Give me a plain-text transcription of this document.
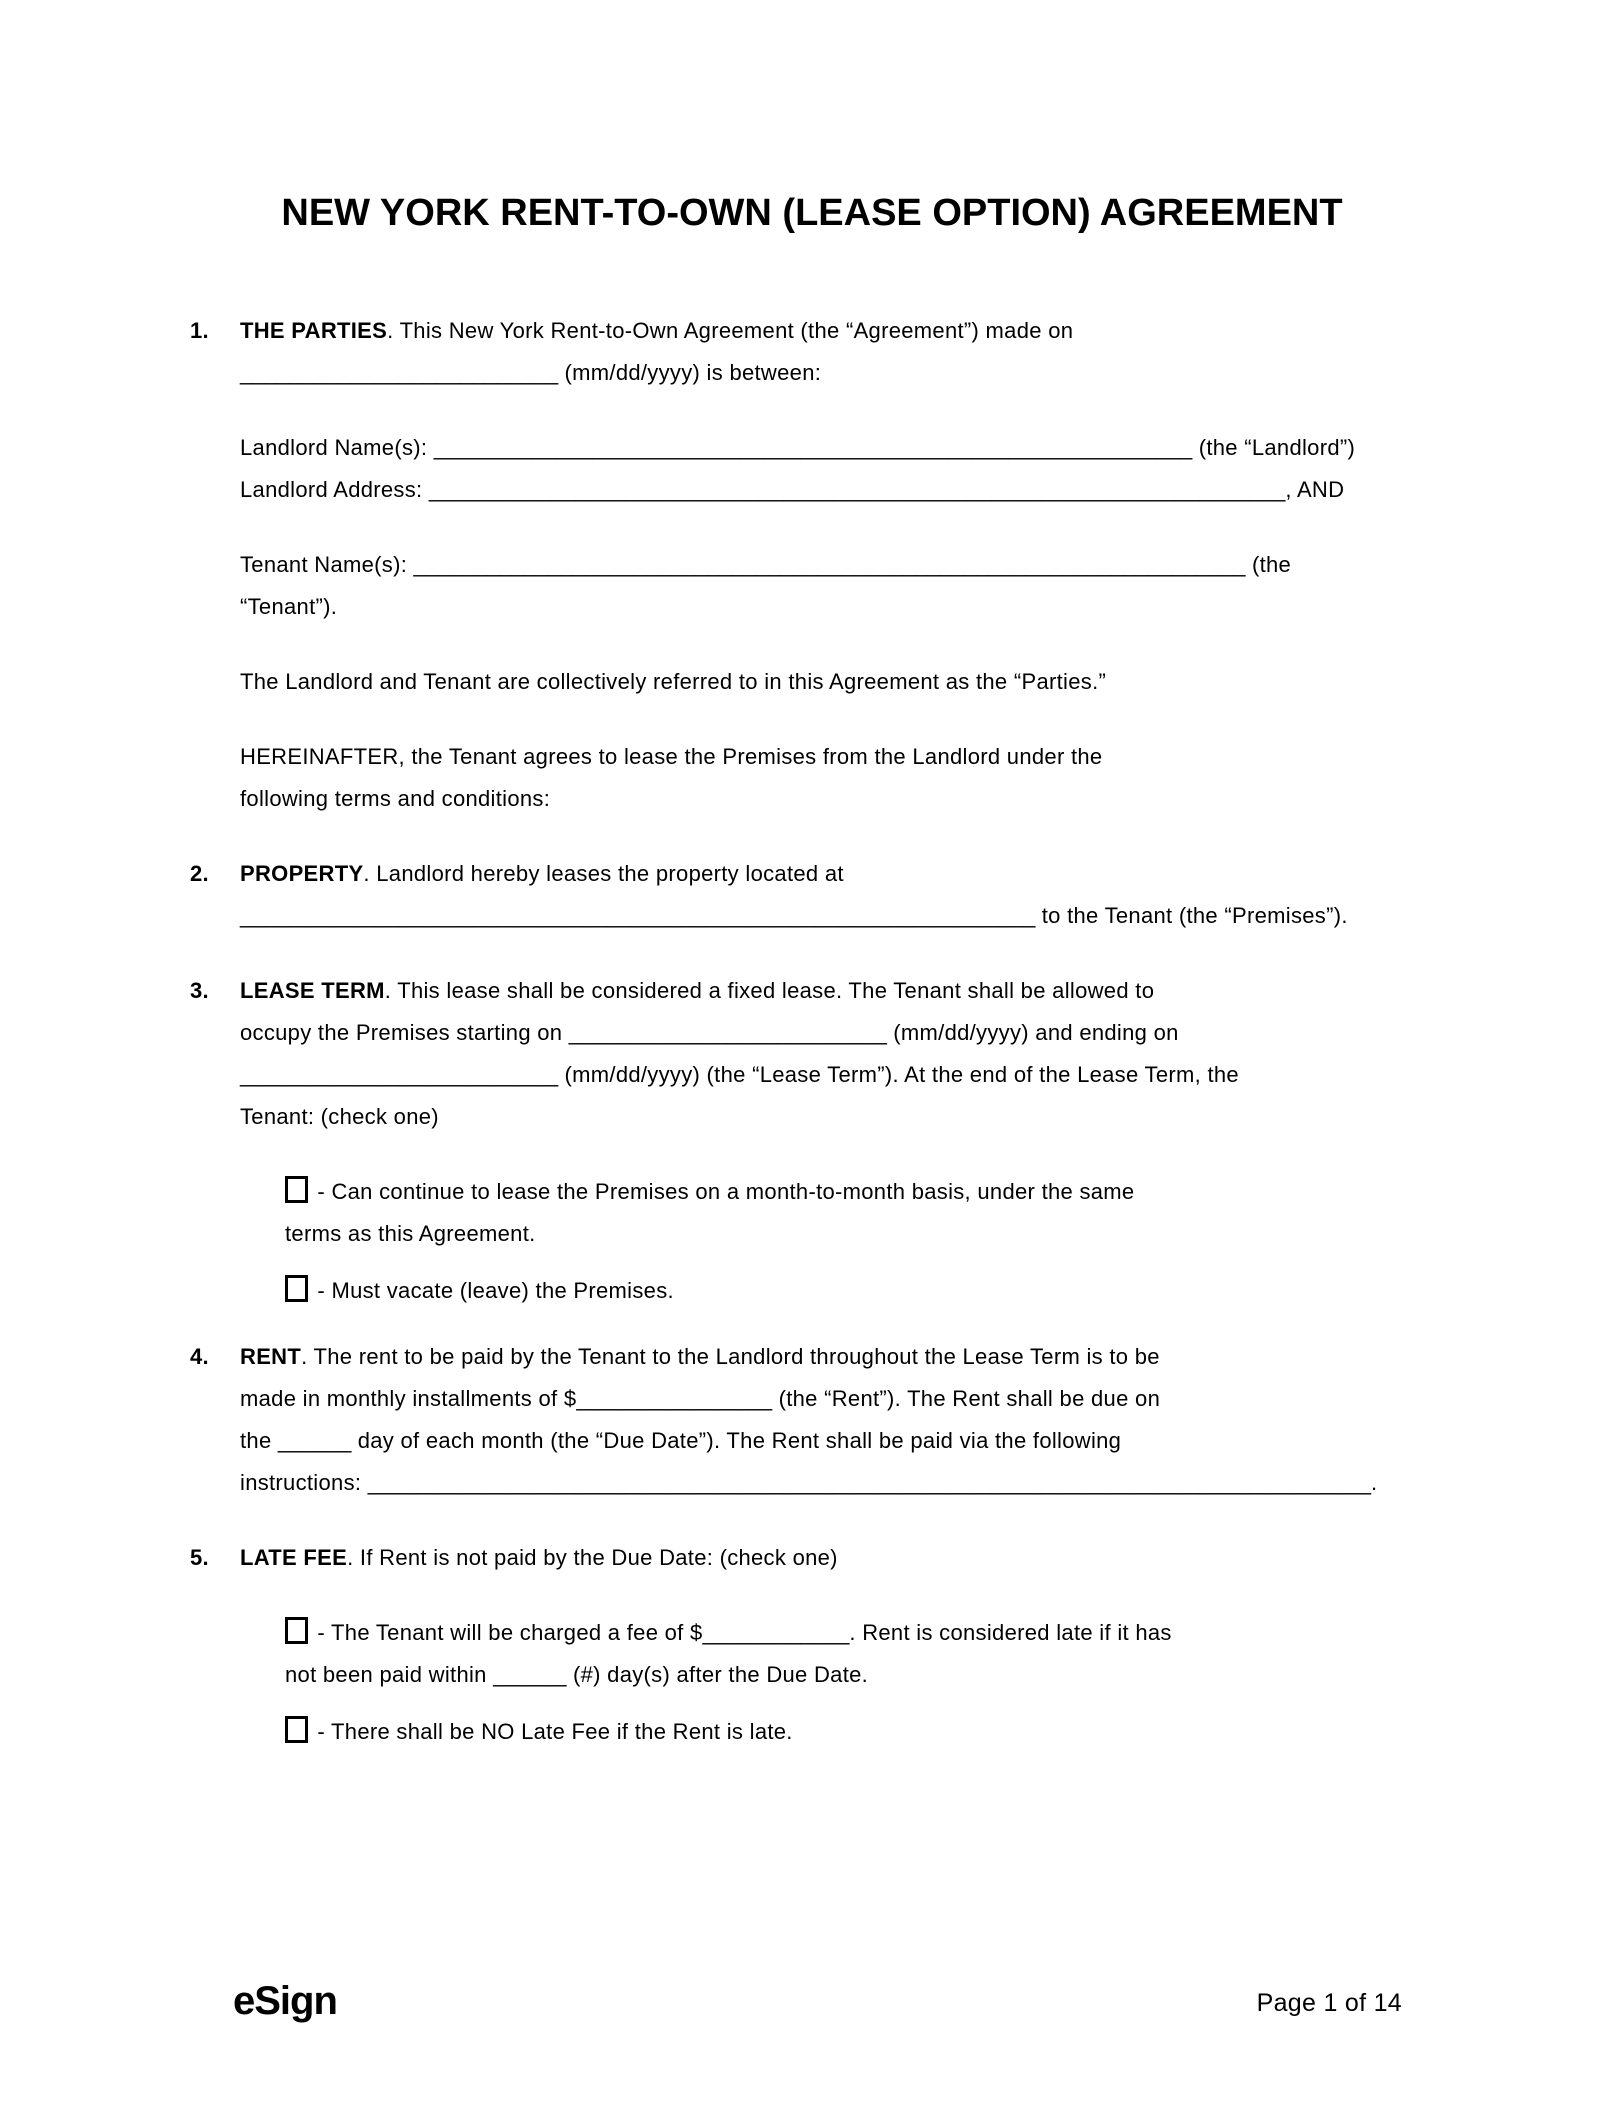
NEW YORK RENT-TO-OWN (LEASE OPTION) AGREEMENT
1.	THE PARTIES. This New York Rent-to-Own Agreement (the “Agreement”) made on
__________________________ (mm/dd/yyyy) is between:
Landlord Name(s): ______________________________________________________________ (the “Landlord”)
Landlord Address: ______________________________________________________________________, AND
Tenant Name(s): ____________________________________________________________________ (the
“Tenant”).
The Landlord and Tenant are collectively referred to in this Agreement as the “Parties.”
HEREINAFTER, the Tenant agrees to lease the Premises from the Landlord under the
following terms and conditions:
2.	PROPERTY. Landlord hereby leases the property located at
_________________________________________________________________ to the Tenant (the “Premises”).
3.	LEASE TERM. This lease shall be considered a fixed lease. The Tenant shall be allowed to
occupy the Premises starting on __________________________ (mm/dd/yyyy) and ending on
__________________________ (mm/dd/yyyy) (the “Lease Term”). At the end of the Lease Term, the
Tenant: (check one)
- Can continue to lease the Premises on a month-to-month basis, under the same
terms as this Agreement.
- Must vacate (leave) the Premises.
4.	RENT. The rent to be paid by the Tenant to the Landlord throughout the Lease Term is to be
made in monthly installments of $________________ (the “Rent”). The Rent shall be due on
the ______ day of each month (the “Due Date”). The Rent shall be paid via the following
instructions: __________________________________________________________________________________.
5.	LATE FEE. If Rent is not paid by the Due Date: (check one)
- The Tenant will be charged a fee of $____________. Rent is considered late if it has
not been paid within ______ (#) day(s) after the Due Date.
- There shall be NO Late Fee if the Rent is late.
eSign	Page 1 of 14
